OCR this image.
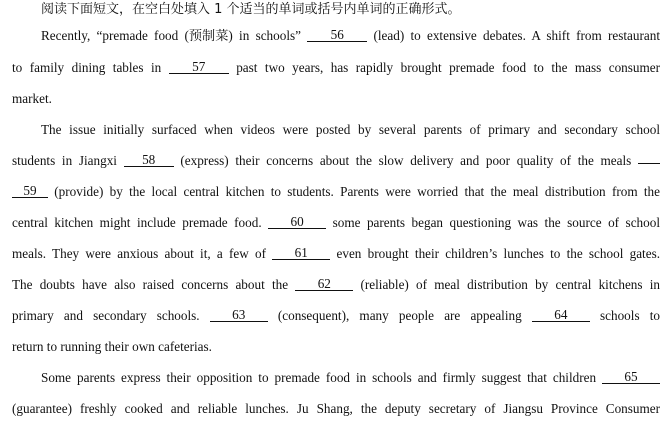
阅读下面短文，在空白处填入 1 个适当的单词或括号内单词的正确形式。
Recently, “premade food (预制菜) in schools” 56 (lead) to extensive debates. A shift from restaurant
to family dining tables in 57 past two years, has rapidly brought premade food to the mass consumer
market.
The issue initially surfaced when videos were posted by several parents of primary and secondary school
students in Jiangxi 58 (express) their concerns about the slow delivery and poor quality of the meals
59 (provide) by the local central kitchen to students. Parents were worried that the meal distribution from the
central kitchen might include premade food. 60 some parents began questioning was the source of school
meals. They were anxious about it, a few of 61 even brought their children’s lunches to the school gates.
The doubts have also raised concerns about the 62 (reliable) of meal distribution by central kitchens in
primary and secondary schools. 63 (consequent), many people are appealing 64 schools to
return to running their own cafeterias.
Some parents express their opposition to premade food in schools and firmly suggest that children 65
(guarantee) freshly cooked and reliable lunches. Ju Shang, the deputy secretary of Jiangsu Province Consumer
